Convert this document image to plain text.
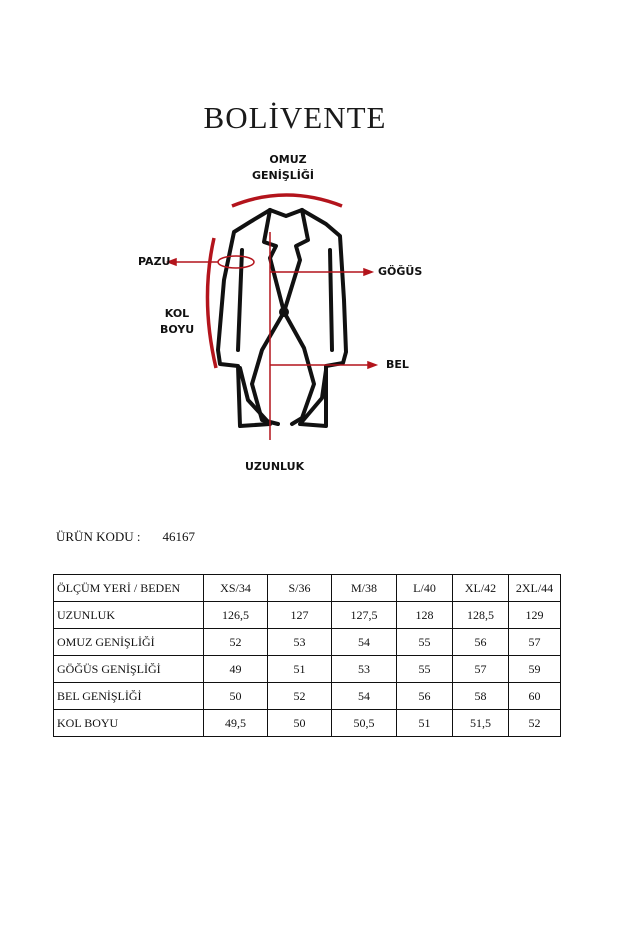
BOLİVENTE
OMUZ
GENİŞLİĞİ
PAZU
GÖĞÜS
KOL
BOYU
BEL
UZUNLUK
ÜRÜN KODU : 46167
ÖLÇÜM YERİ / BEDEN	XS/34	S/36	M/38	L/40	XL/42	2XL/44
UZUNLUK	126,5	127	127,5	128	128,5	129
OMUZ GENİŞLİĞİ	52	53	54	55	56	57
GÖĞÜS GENİŞLİĞİ	49	51	53	55	57	59
BEL GENİŞLİĞİ	50	52	54	56	58	60
KOL BOYU	49,5	50	50,5	51	51,5	52
